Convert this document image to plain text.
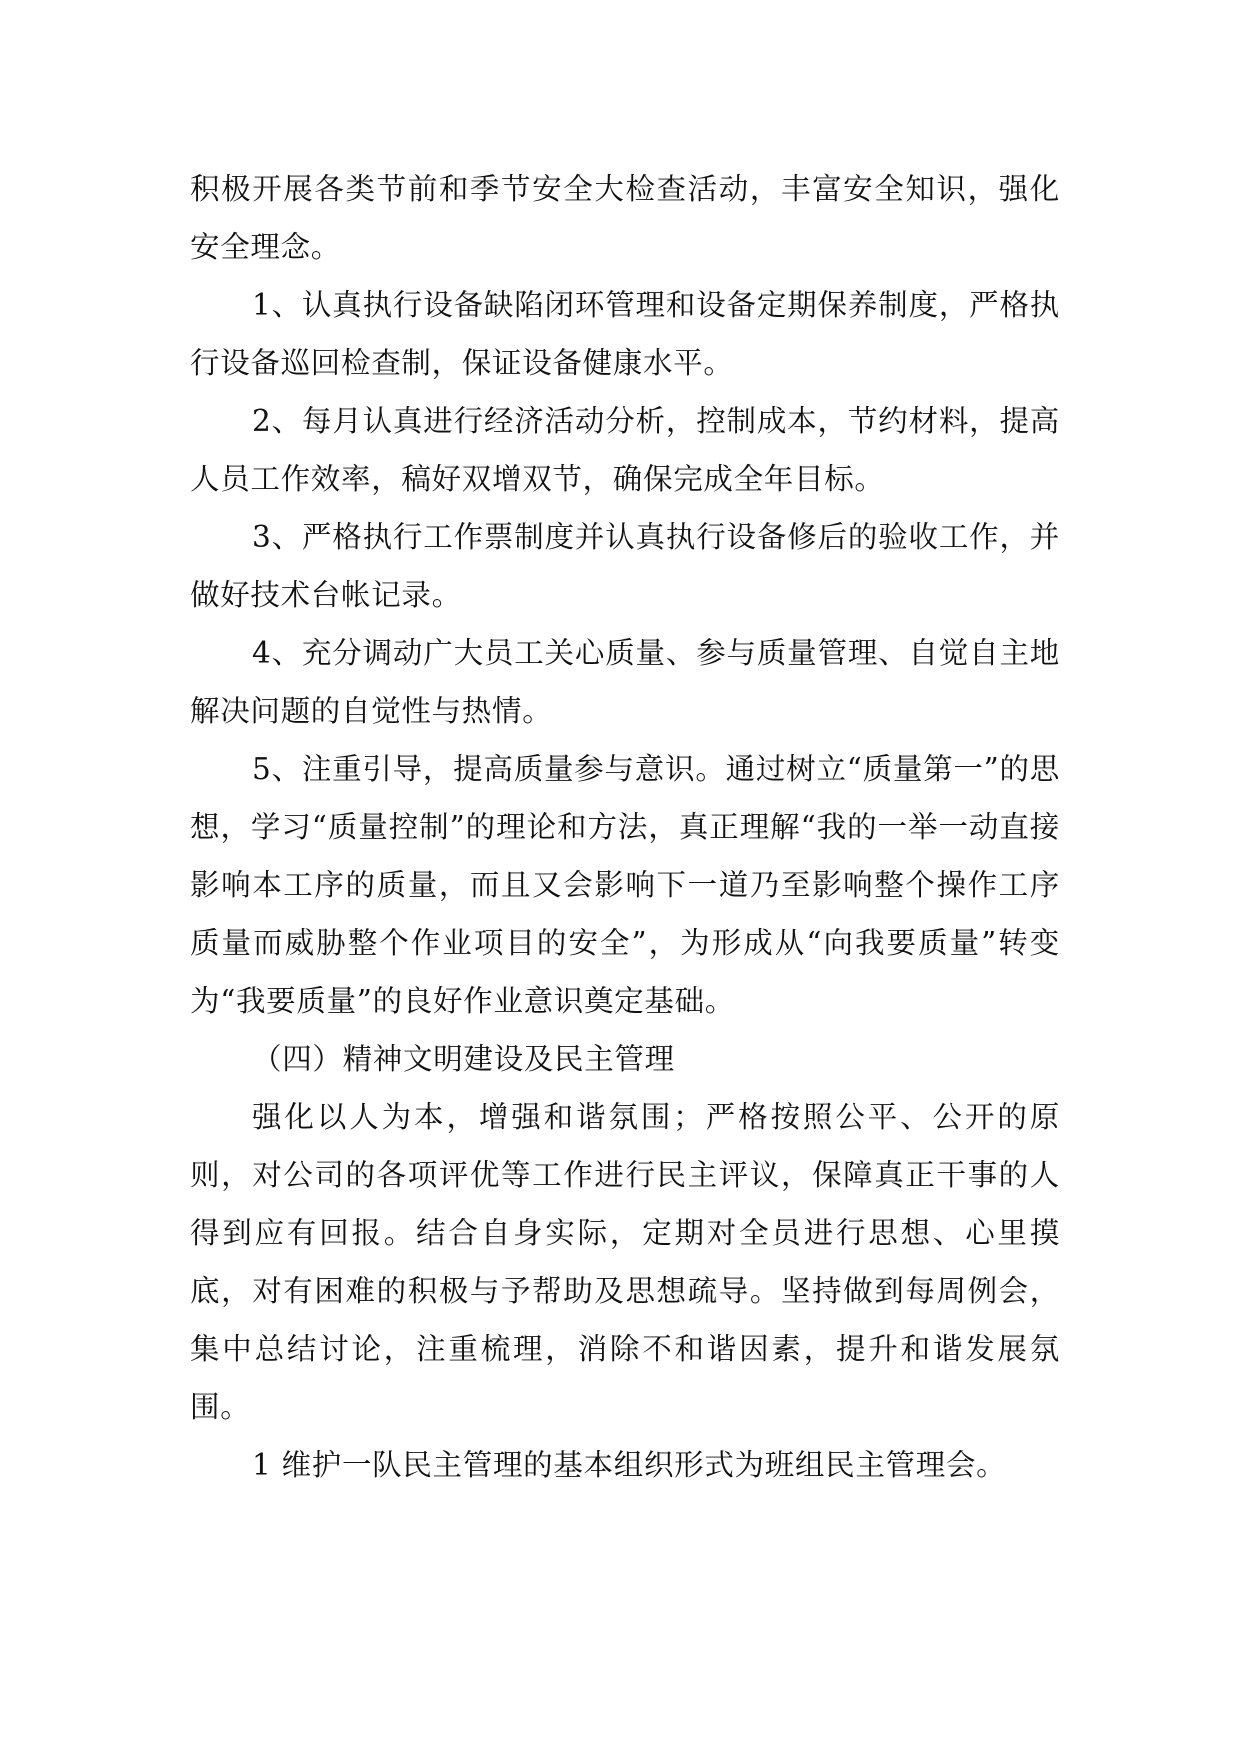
积极开展各类节前和季节安全大检查活动，丰富安全知识，强化安全理念。

1、认真执行设备缺陷闭环管理和设备定期保养制度，严格执行设备巡回检查制，保证设备健康水平。

2、每月认真进行经济活动分析，控制成本，节约材料，提高人员工作效率，稿好双增双节，确保完成全年目标。

3、严格执行工作票制度并认真执行设备修后的验收工作，并做好技术台帐记录。

4、充分调动广大员工关心质量、参与质量管理、自觉自主地解决问题的自觉性与热情。

5、注重引导，提高质量参与意识。通过树立“质量第一”的思想，学习“质量控制”的理论和方法，真正理解“我的一举一动直接影响本工序的质量，而且又会影响下一道乃至影响整个操作工序质量而威胁整个作业项目的安全”，为形成从“向我要质量”转变为“我要质量”的良好作业意识奠定基础。

（四）精神文明建设及民主管理

强化以人为本，增强和谐氛围；严格按照公平、公开的原则，对公司的各项评优等工作进行民主评议，保障真正干事的人得到应有回报。结合自身实际，定期对全员进行思想、心里摸底，对有困难的积极与予帮助及思想疏导。坚持做到每周例会，集中总结讨论，注重梳理，消除不和谐因素，提升和谐发展氛围。

1 维护一队民主管理的基本组织形式为班组民主管理会。
